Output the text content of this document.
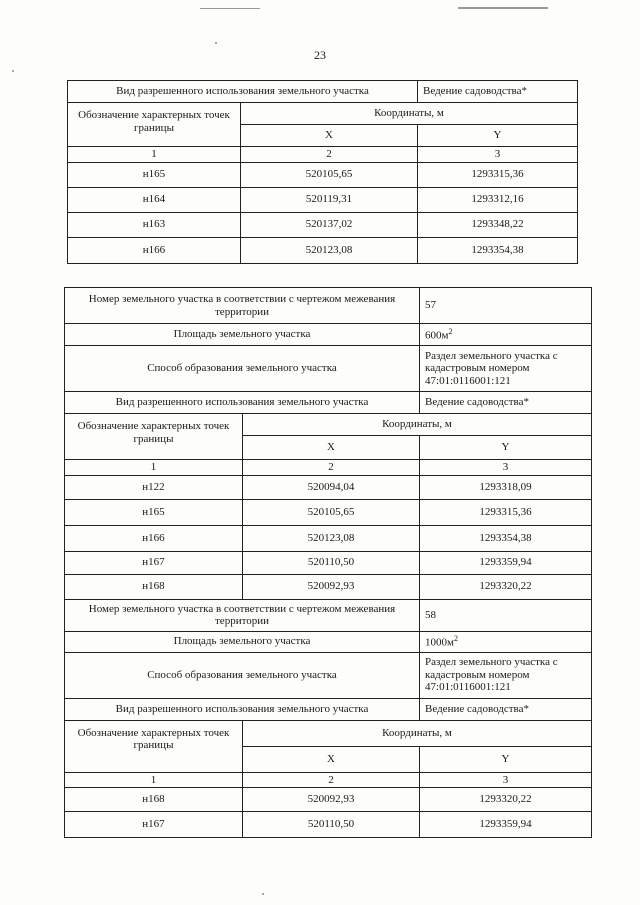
23
Вид разрешенного использования земельного участка		Ведение садоводства*
Обозначение характерных точек границы	Координаты, м	
	X	Y
1	2	3
н165	520105,65	1293315,36
н164	520119,31	1293312,16
н163	520137,02	1293348,22
н166	520123,08	1293354,38
Номер земельного участка в соответствии с чертежом межевания территории		57
Площадь земельного участка		$600м^2$
Способ образования земельного участка		Раздел земельного участка с кадастровым номером 47:01:0116001:121
Вид разрешенного использования земельного участка		Ведение садоводства*
Обозначение характерных точек границы	Координаты, м	
	X	Y
1	2	3
н122	520094,04	1293318,09
н165	520105,65	1293315,36
н166	520123,08	1293354,38
н167	520110,50	1293359,94
н168	520092,93	1293320,22
Номер земельного участка в соответствии с чертежом межевания территории		58
Площадь земельного участка		$1000м^2$
Способ образования земельного участка		Раздел земельного участка с кадастровым номером 47:01:0116001:121
Вид разрешенного использования земельного участка		Ведение садоводства*
Обозначение характерных точек границы	Координаты, м	
	X	Y
1	2	3
н168	520092,93	1293320,22
н167	520110,50	1293359,94
